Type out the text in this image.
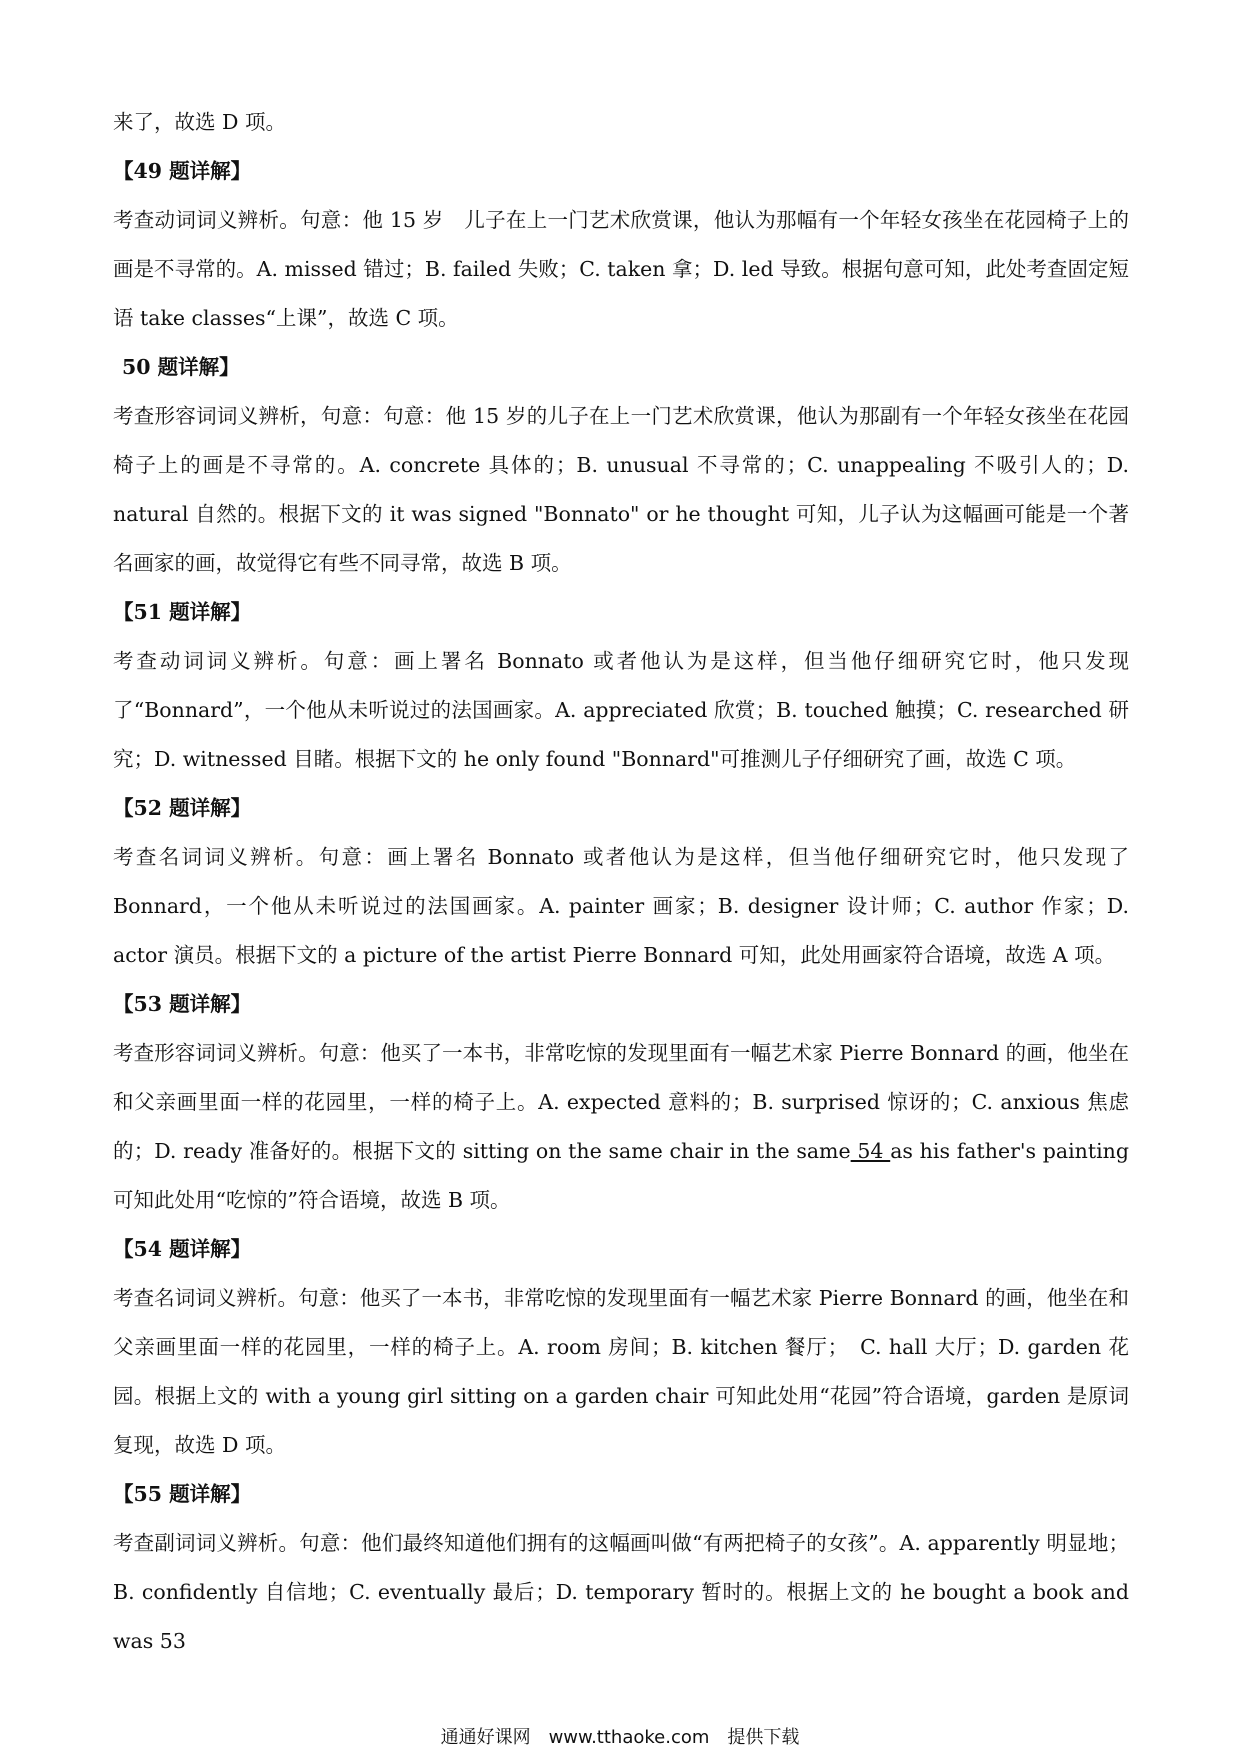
来了，故选 D 项。
【49 题详解】
考查动词词义辨析。句意：他 15 岁　儿子在上一门艺术欣赏课，他认为那幅有一个年轻女孩坐在花园椅子上的画是不寻常的。A. missed 错过；B. failed 失败；C. taken 拿；D. led 导致。根据句意可知，此处考查固定短语 take classes“上课”，故选 C 项。
50 题详解】
考查形容词词义辨析，句意：句意：他 15 岁的儿子在上一门艺术欣赏课，他认为那副有一个年轻女孩坐在花园椅子上的画是不寻常的。A. concrete 具体的；B. unusual 不寻常的；C. unappealing 不吸引人的；D. natural 自然的。根据下文的 it was signed "Bonnato" or he thought 可知，儿子认为这幅画可能是一个著名画家的画，故觉得它有些不同寻常，故选 B 项。
【51 题详解】
考查动词词义辨析。句意：画上署名 Bonnato 或者他认为是这样，但当他仔细研究它时，他只发现了“Bonnard”，一个他从未听说过的法国画家。A. appreciated 欣赏；B. touched 触摸；C. researched 研究；D. witnessed 目睹。根据下文的 he only found "Bonnard"可推测儿子仔细研究了画，故选 C 项。
【52 题详解】
考查名词词义辨析。句意：画上署名 Bonnato 或者他认为是这样，但当他仔细研究它时，他只发现了 Bonnard，一个他从未听说过的法国画家。A. painter 画家；B. designer 设计师；C. author 作家；D. actor 演员。根据下文的 a picture of the artist Pierre Bonnard 可知，此处用画家符合语境，故选 A 项。
【53 题详解】
考查形容词词义辨析。句意：他买了一本书，非常吃惊的发现里面有一幅艺术家 Pierre Bonnard 的画，他坐在和父亲画里面一样的花园里，一样的椅子上。A. expected 意料的；B. surprised 惊讶的；C. anxious 焦虑的；D. ready 准备好的。根据下文的 sitting on the same chair in the same 54 as his father's painting 可知此处用“吃惊的”符合语境，故选 B 项。
【54 题详解】
考查名词词义辨析。句意：他买了一本书，非常吃惊的发现里面有一幅艺术家 Pierre Bonnard 的画，他坐在和父亲画里面一样的花园里，一样的椅子上。A. room 房间；B. kitchen 餐厅；　C. hall 大厅；D. garden 花园。根据上文的 with a young girl sitting on a garden chair 可知此处用“花园”符合语境，garden 是原词复现，故选 D 项。
【55 题详解】
考查副词词义辨析。句意：他们最终知道他们拥有的这幅画叫做“有两把椅子的女孩”。A. apparently 明显地；B. confidently 自信地；C. eventually 最后；D. temporary 暂时的。根据上文的 he bought a book and was 53
通通好课网　www.tthaoke.com　提供下载
